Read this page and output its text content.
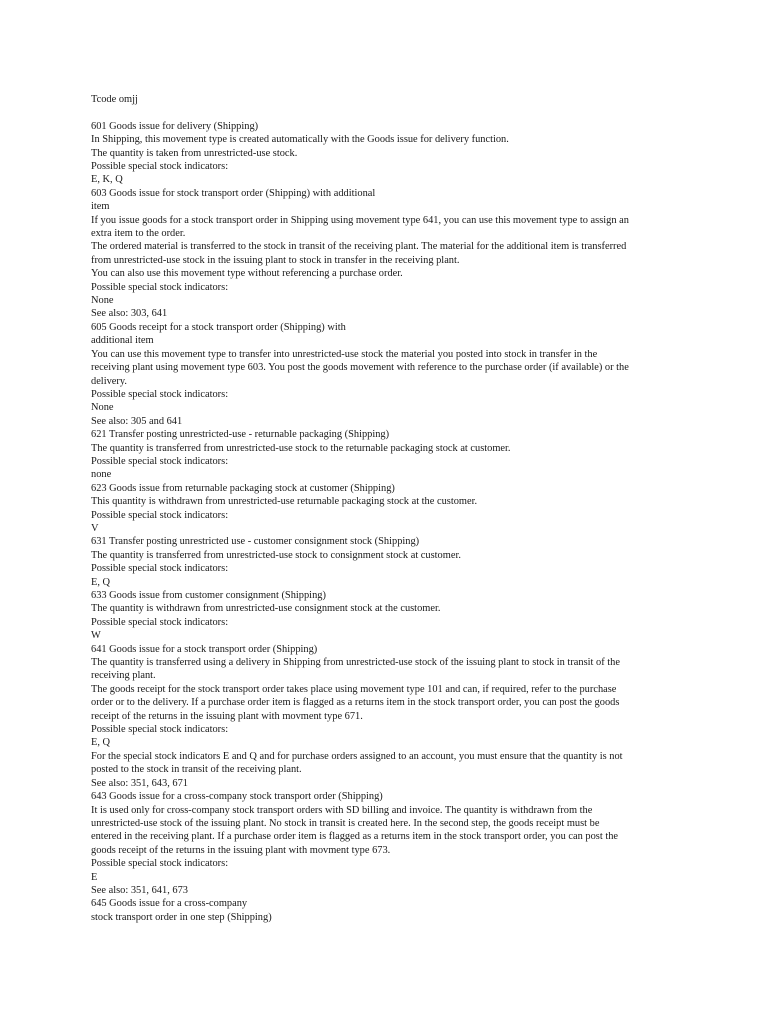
Tcode omjj
601 Goods issue for delivery (Shipping)
In Shipping, this movement type is created automatically with the Goods issue for delivery function.
The quantity is taken from unrestricted-use stock.
Possible special stock indicators:
E, K, Q
603 Goods issue for stock transport order (Shipping) with additional
item
If you issue goods for a stock transport order in Shipping using movement type 641, you can use this movement type to assign an
extra item to the order.
The ordered material is transferred to the stock in transit of the receiving plant. The material for the additional item is transferred
from unrestricted-use stock in the issuing plant to stock in transfer in the receiving plant.
You can also use this movement type without referencing a purchase order.
Possible special stock indicators:
None
See also: 303, 641
605 Goods receipt for a stock transport order (Shipping) with
additional item
You can use this movement type to transfer into unrestricted-use stock the material you posted into stock in transfer in the
receiving plant using movement type 603. You post the goods movement with reference to the purchase order (if available) or the
delivery.
Possible special stock indicators:
None
See also: 305 and 641
621 Transfer posting unrestricted-use - returnable packaging (Shipping)
The quantity is transferred from unrestricted-use stock to the returnable packaging stock at customer.
Possible special stock indicators:
none
623 Goods issue from returnable packaging stock at customer (Shipping)
This quantity is withdrawn from unrestricted-use returnable packaging stock at the customer.
Possible special stock indicators:
V
631 Transfer posting unrestricted use - customer consignment stock (Shipping)
The quantity is transferred from unrestricted-use stock to consignment stock at customer.
Possible special stock indicators:
E, Q
633 Goods issue from customer consignment (Shipping)
The quantity is withdrawn from unrestricted-use consignment stock at the customer.
Possible special stock indicators:
W
641 Goods issue for a stock transport order (Shipping)
The quantity is transferred using a delivery in Shipping from unrestricted-use stock of the issuing plant to stock in transit of the
receiving plant.
The goods receipt for the stock transport order takes place using movement type 101 and can, if required, refer to the purchase
order or to the delivery. If a purchase order item is flagged as a returns item in the stock transport order, you can post the goods
receipt of the returns in the issuing plant with movment type 671.
Possible special stock indicators:
E, Q
For the special stock indicators E and Q and for purchase orders assigned to an account, you must ensure that the quantity is not
posted to the stock in transit of the receiving plant.
See also: 351, 643, 671
643 Goods issue for a cross-company stock transport order (Shipping)
It is used only for cross-company stock transport orders with SD billing and invoice. The quantity is withdrawn from the
unrestricted-use stock of the issuing plant. No stock in transit is created here. In the second step, the goods receipt must be
entered in the receiving plant. If a purchase order item is flagged as a returns item in the stock transport order, you can post the
goods receipt of the returns in the issuing plant with movment type 673.
Possible special stock indicators:
E
See also: 351, 641, 673
645 Goods issue for a cross-company
stock transport order in one step (Shipping)
